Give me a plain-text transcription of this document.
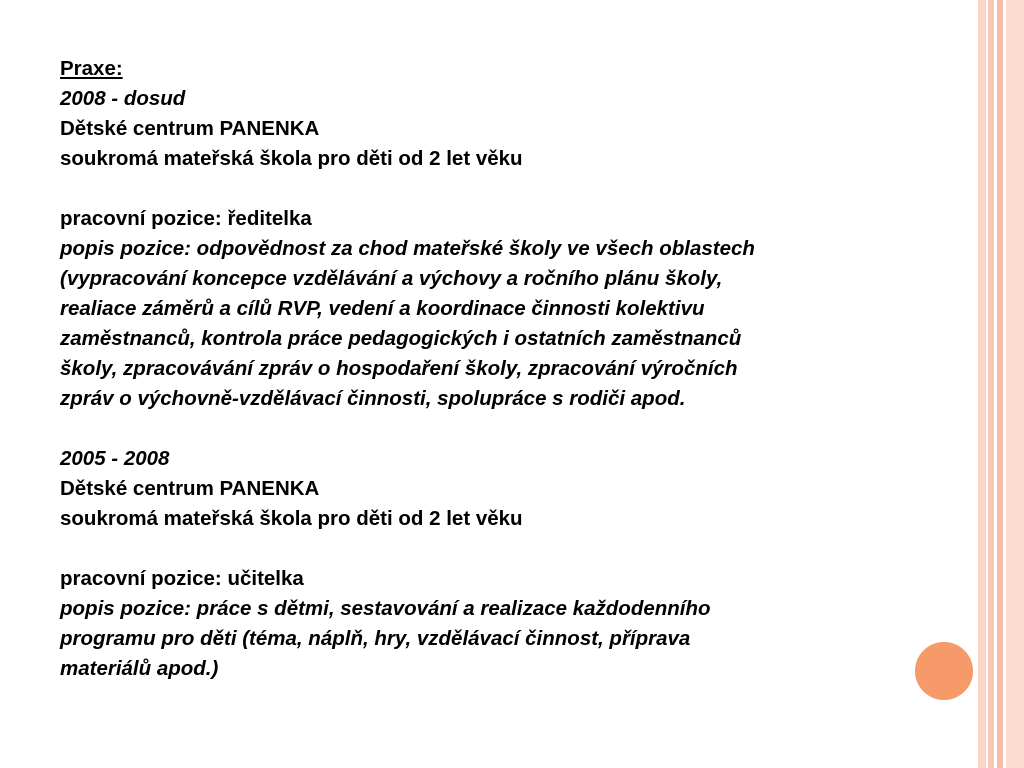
Praxe:
2008 - dosud
Dětské centrum PANENKA
soukromá mateřská škola pro děti od 2 let věku
pracovní pozice: ředitelka
popis pozice: odpovědnost za chod mateřské školy ve všech oblastech
(vypracování koncepce vzdělávání a výchovy a ročního plánu školy,
realiace záměrů a cílů RVP, vedení a koordinace činnosti kolektivu
zaměstnanců, kontrola práce pedagogických i ostatních zaměstnanců
školy, zpracovávání zpráv o hospodaření školy, zpracování výročních
zpráv o výchovně-vzdělávací činnosti, spolupráce s rodiči apod.
2005 - 2008
Dětské centrum PANENKA
soukromá mateřská škola pro děti od 2 let věku
pracovní pozice: učitelka
popis pozice: práce s dětmi, sestavování a realizace každodenního
programu pro děti (téma, náplň, hry, vzdělávací činnost, příprava
materiálů apod.)
